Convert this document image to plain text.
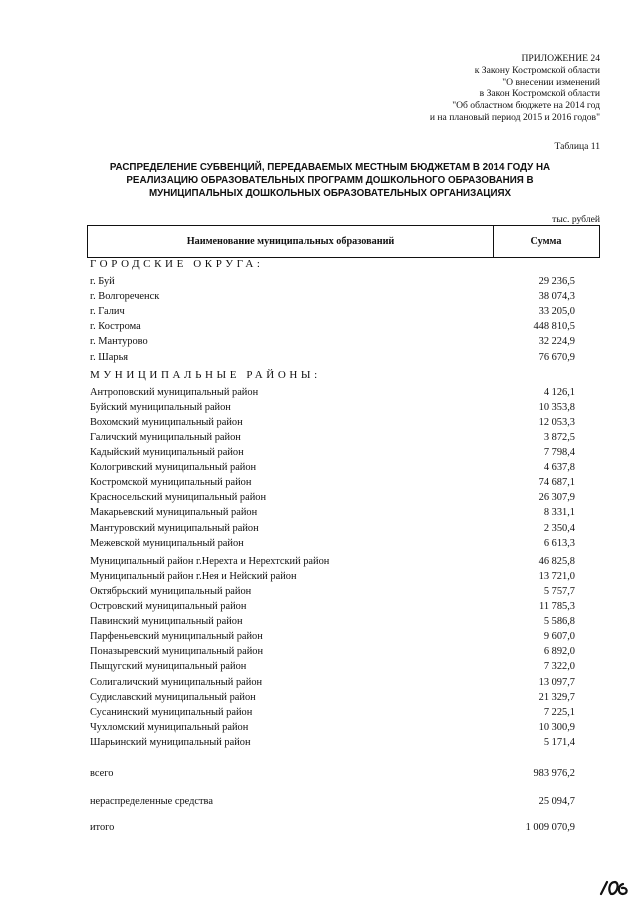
ПРИЛОЖЕНИЕ 24
к Закону Костромской области
"О внесении изменений
в Закон Костромской области
"Об областном бюджете на 2014 год
и на плановый период 2015 и 2016 годов"
Таблица 11
РАСПРЕДЕЛЕНИЕ СУБВЕНЦИЙ, ПЕРЕДАВАЕМЫХ МЕСТНЫМ БЮДЖЕТАМ В 2014 ГОДУ НА РЕАЛИЗАЦИЮ ОБРАЗОВАТЕЛЬНЫХ ПРОГРАММ ДОШКОЛЬНОГО ОБРАЗОВАНИЯ В МУНИЦИПАЛЬНЫХ ДОШКОЛЬНЫХ ОБРАЗОВАТЕЛЬНЫХ ОРГАНИЗАЦИЯХ
тыс. рублей
Наименование муниципальных образований	Сумма
ГОРОДСКИЕ ОКРУГА:
г. Буй	29 236,5
г. Волгореченск	38 074,3
г. Галич	33 205,0
г. Кострома	448 810,5
г. Мантурово	32 224,9
г. Шарья	76 670,9
МУНИЦИПАЛЬНЫЕ РАЙОНЫ:
Антроповский муниципальный район	4 126,1
Буйский муниципальный район	10 353,8
Вохомский муниципальный район	12 053,3
Галичский муниципальный район	3 872,5
Кадыйский муниципальный район	7 798,4
Кологривский муниципальный район	4 637,8
Костромской муниципальный район	74 687,1
Красносельский муниципальный район	26 307,9
Макарьевский муниципальный район	8 331,1
Мантуровский муниципальный район	2 350,4
Межевской муниципальный район	6 613,3
Муниципальный район г.Нерехта и Нерехтский район	46 825,8
Муниципальный район г.Нея и Нейский район	13 721,0
Октябрьский муниципальный район	5 757,7
Островский муниципальный район	11 785,3
Павинский муниципальный район	5 586,8
Парфеньевский муниципальный район	9 607,0
Поназыревский муниципальный район	6 892,0
Пыщугский муниципальный район	7 322,0
Солигаличский муниципальный район	13 097,7
Судиславский муниципальный район	21 329,7
Сусанинский муниципальный район	7 225,1
Чухломский муниципальный район	10 300,9
Шарьинский муниципальный район	5 171,4
всего	983 976,2
нераспределенные средства	25 094,7
итого	1 009 070,9
